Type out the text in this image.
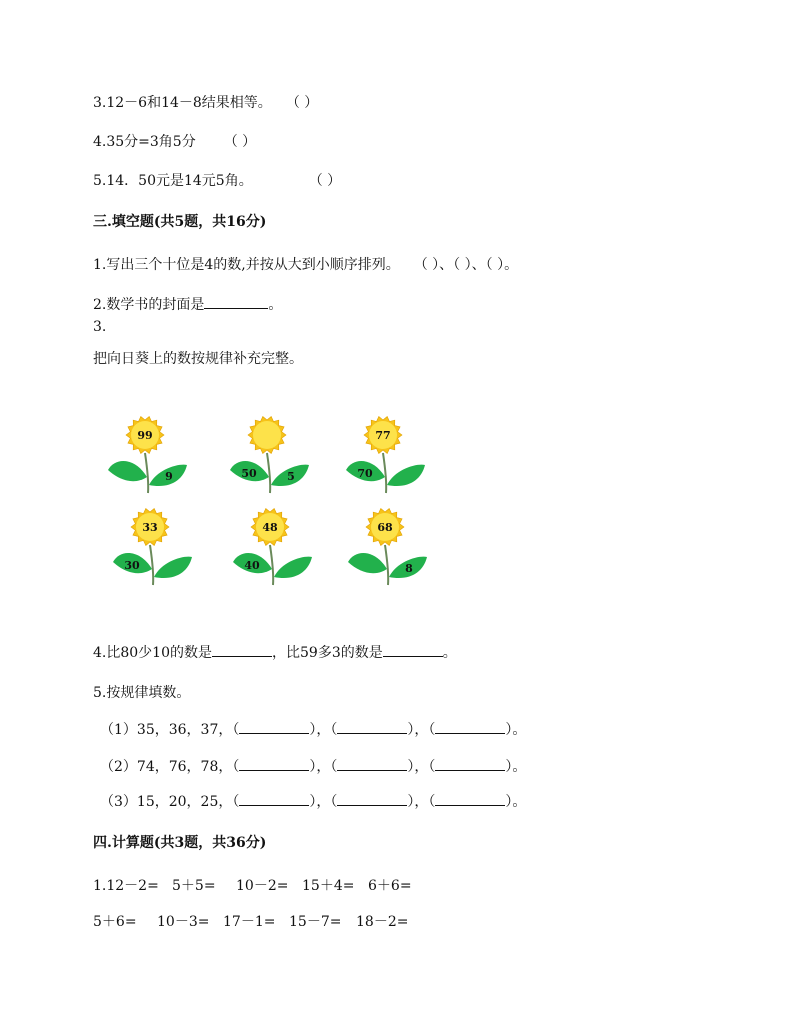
3.12－6和14－8结果相等。 （ ）
4.35分=3角5分 （ ）
5.14．50元是14元5角。	（ ）
三.填空题(共5题，共16分)
1.写出三个十位是4的数,并按从大到小顺序排列。 （ ）、（ ）、（ ）。
2.数学书的封面是	。
3.
把向日葵上的数按规律补充完整。
99
9	50	5
77
70
33
30
48
40
68
8
4.比80少10的数是	，比59多3的数是	。
5.按规律填数。
（1）35，36，37，（	），（	），（	）。
（2）74，76，78，（	），（	），（	）。
（3）15，20，25，（	），（	），（	）。
四.计算题(共3题，共36分)
1.12－2= 5＋5= 10－2= 15＋4= 6＋6=
5＋6= 10－3= 17－1= 15－7= 18－2=
